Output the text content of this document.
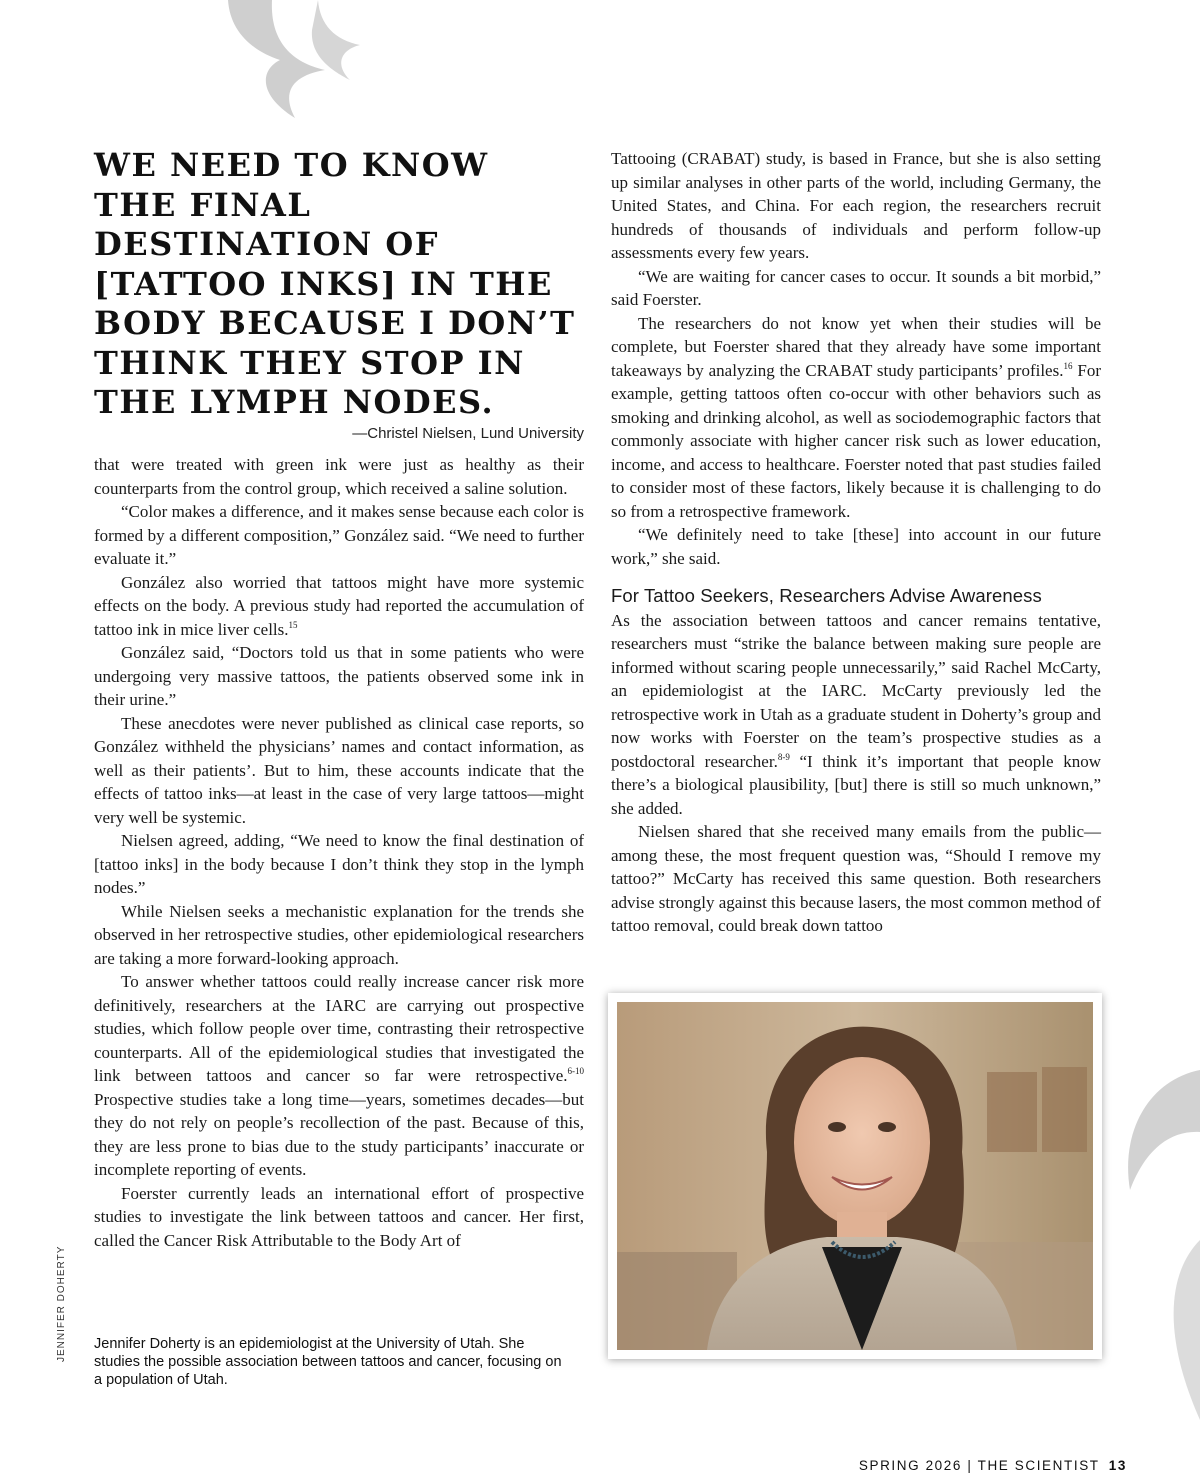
WE NEED TO KNOW THE FINAL DESTINATION OF [TATTOO INKS] IN THE BODY BECAUSE I DON’T THINK THEY STOP IN THE LYMPH NODES.

—Christel Nielsen, Lund University

that were treated with green ink were just as healthy as their counterparts from the control group, which received a saline solution.

“Color makes a difference, and it makes sense because each color is formed by a different composition,” González said. “We need to further evaluate it.”

González also worried that tattoos might have more systemic effects on the body. A previous study had reported the accumulation of tattoo ink in mice liver cells.$^{15}$

González said, “Doctors told us that in some patients who were undergoing very massive tattoos, the patients observed some ink in their urine.”

These anecdotes were never published as clinical case reports, so González withheld the physicians’ names and contact information, as well as their patients’. But to him, these accounts indicate that the effects of tattoo inks—at least in the case of very large tattoos—might very well be systemic.

Nielsen agreed, adding, “We need to know the final destination of [tattoo inks] in the body because I don’t think they stop in the lymph nodes.”

While Nielsen seeks a mechanistic explanation for the trends she observed in her retrospective studies, other epidemiological researchers are taking a more forward-looking approach.

To answer whether tattoos could really increase cancer risk more definitively, researchers at the IARC are carrying out prospective studies, which follow people over time, contrasting their retrospective counterparts. All of the epidemiological studies that investigated the link between tattoos and cancer so far were retrospective.$^{6-10}$ Prospective studies take a long time—years, sometimes decades—but they do not rely on people’s recollection of the past. Because of this, they are less prone to bias due to the study participants’ inaccurate or incomplete reporting of events.

Foerster currently leads an international effort of prospective studies to investigate the link between tattoos and cancer. Her first, called the Cancer Risk Attributable to the Body Art of

Tattooing (CRABAT) study, is based in France, but she is also setting up similar analyses in other parts of the world, including Germany, the United States, and China. For each region, the researchers recruit hundreds of thousands of individuals and perform follow-up assessments every few years.

“We are waiting for cancer cases to occur. It sounds a bit morbid,” said Foerster.

The researchers do not know yet when their studies will be complete, but Foerster shared that they already have some important takeaways by analyzing the CRABAT study participants’ profiles.$^{16}$ For example, getting tattoos often co-occur with other behaviors such as smoking and drinking alcohol, as well as sociodemographic factors that commonly associate with higher cancer risk such as lower education, income, and access to healthcare. Foerster noted that past studies failed to consider most of these factors, likely because it is challenging to do so from a retrospective framework.

“We definitely need to take [these] into account in our future work,” she said.

For Tattoo Seekers, Researchers Advise Awareness

As the association between tattoos and cancer remains tentative, researchers must “strike the balance between making sure people are informed without scaring people unnecessarily,” said Rachel McCarty, an epidemiologist at the IARC. McCarty previously led the retrospective work in Utah as a graduate student in Doherty’s group and now works with Foerster on the team’s prospective studies as a postdoctoral researcher.$^{8-9}$ “I think it’s important that people know there’s a biological plausibility, [but] there is still so much unknown,” she added.

Nielsen shared that she received many emails from the public—among these, the most frequent question was, “Should I remove my tattoo?” McCarty has received this same question. Both researchers advise strongly against this because lasers, the most common method of tattoo removal, could break down tattoo

JENNIFER DOHERTY Jennifer Doherty is an epidemiologist at the University of Utah. She studies the possible association between tattoos and cancer, focusing on a population of Utah.
SPRING 2026 | THE SCIENTIST 13
